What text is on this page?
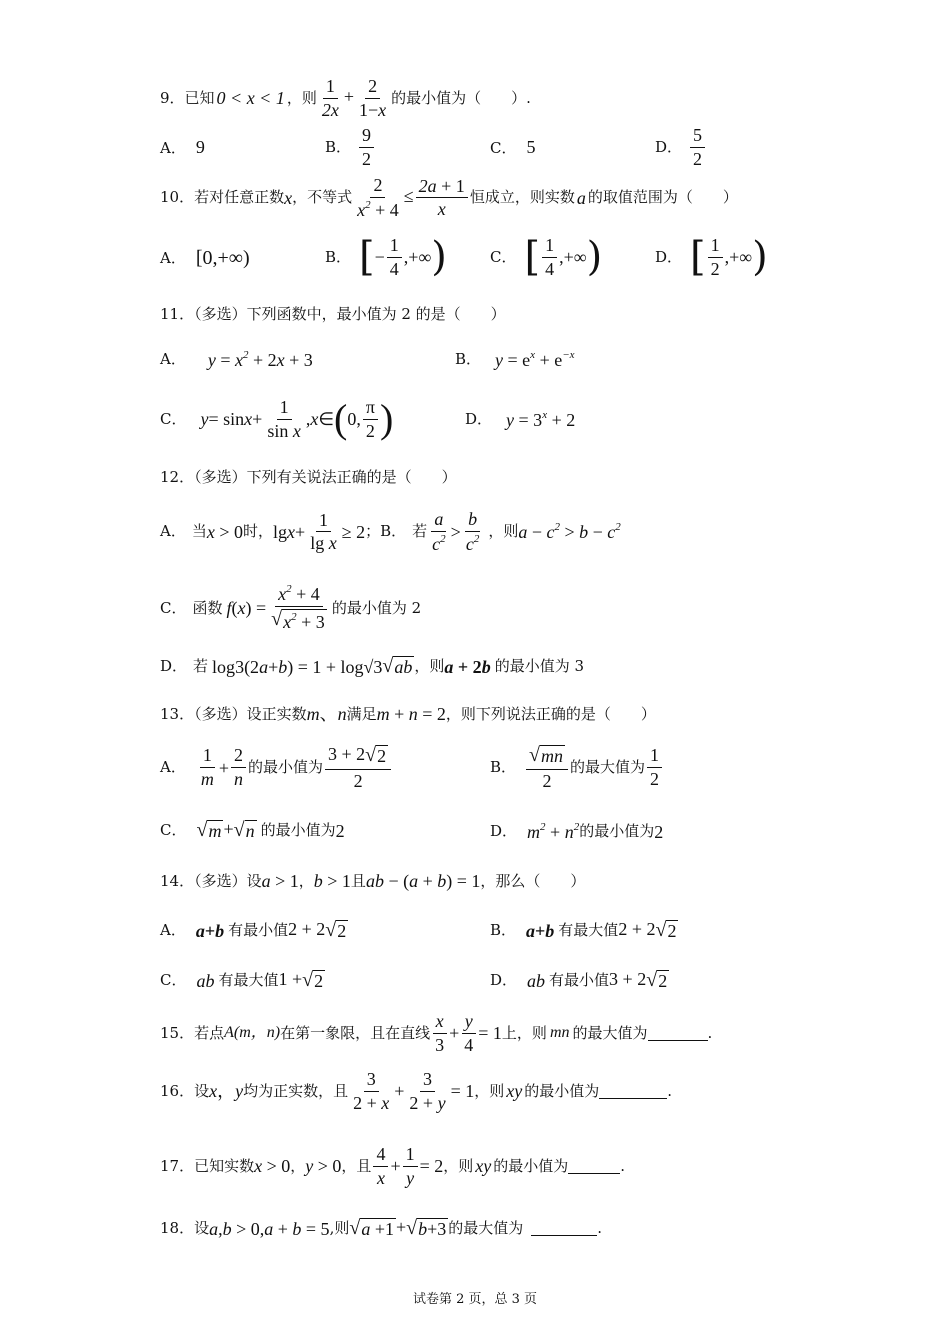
9．已知 0 < x < 1 ，则 $\frac{1}{2x} + \frac{2}{1-x}$ 的最小值为（　　）.
A． 9	B． $\frac{9}{2}$	C． 5	D． $\frac{5}{2}$
10．若对任意正数 x ，不等式 $\frac{2}{x^2 + 4} \le \frac{2a + 1}{x}$ 恒成立，则实数 a 的取值范围为（　　）
A． [0,+∞)	B． [ − $\frac{1}{4}$ ,+∞ )	C． [ $\frac{1}{4}$ ,+∞ )	D． [ $\frac{1}{2}$ ,+∞ )
11．（多选）下列函数中，最小值为 2 的是（　　）
A． $y = x^2 + 2x + 3$	B． $y = e^x + e^{-x}$
C． $y = \sin x + \frac{1}{\text{sin x}}$ , x ∈ ( 0, $\frac{\pi}{2}$ )	D． $y = 3^x + 2$
12．（多选）下列有关说法正确的是（　　）
A． 当 x > 0 时， $\lg x + \frac{1}{\text{lg x}} \ge 2$ ；B． 若 $\frac{a}{c^2} > \frac{b}{c^2}$ ，则 $a - c^2 > b - c^2$
C． 函数 f ( x ) = $\frac{x^2 + 4}{√ x^2 + 3}$ 的最小值为 2
D． 若 log 3 (2 a + b ) = 1 + log √3 √ ab ，则 a + 2b 的最小值为 3
13．（多选）设正实数 m、n 满足 m + n = 2 ，则下列说法正确的是（　　）
A． $\frac{1}{m} + \frac{2}{n}$ 的最小值为 $\frac{3 + 2 √ 2}{2}$	B． $\frac{√ mn}{2}$ 的最大值为 $\frac{1}{2}$
C． √ m + √ n 的最小值为 2	D． $m^2 + n^2$ 的最小值为 2
14．（多选）设 a > 1 ， b > 1 且 ab − (a + b) = 1 ，那么（　　）
A． a+b 有最小值 2 + 2 √ 2	B． a+b 有最大值 2 + 2 √ 2
C． ab 有最大值 1 + √ 2	D． ab 有最小值 3 + 2 √ 2
15．若点 A(m，n) 在第一象限，且在直线 $\frac{x}{3} + \frac{y}{4} = 1$ 上，则 mn 的最大值为	.
16．设 x，y 均为正实数，且 $\frac{3}{2 + x} + \frac{3}{2 + y} = 1$ ，则 xy 的最小值为	.
17．已知实数 x > 0 ， y > 0 ，且 $\frac{4}{x} + \frac{1}{y} = 2$ ，则 xy 的最小值为	.
18．设 a,b > 0,a + b = 5 ,则 √ a +1 + √ b+3 的最大值为	.
试卷第 2 页，总 3 页
